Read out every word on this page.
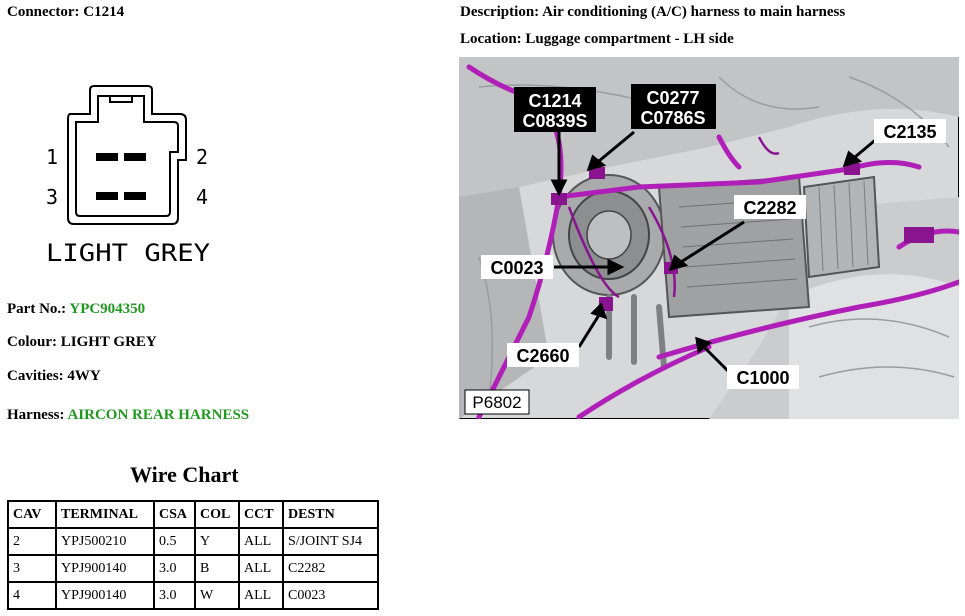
Connector: C1214	Description: Air conditioning (A/C) harness to main harness
Location: Luggage compartment - LH side
1	2
3	4
LIGHT GREY
Part No.: YPC904350
Colour: LIGHT GREY
Cavities: 4WY
Harness: AIRCON REAR HARNESS
C1214
C0839S
C0277
C0786S
C2135
C2282
C0023
C2660
C1000
P6802
Wire Chart
CAV	TERMINAL	CSA	COL	CCT	DESTN
2	YPJ500210	0.5	Y	ALL	S/JOINT SJ4
3	YPJ900140	3.0	B	ALL	C2282
4	YPJ900140	3.0	W	ALL	C0023
